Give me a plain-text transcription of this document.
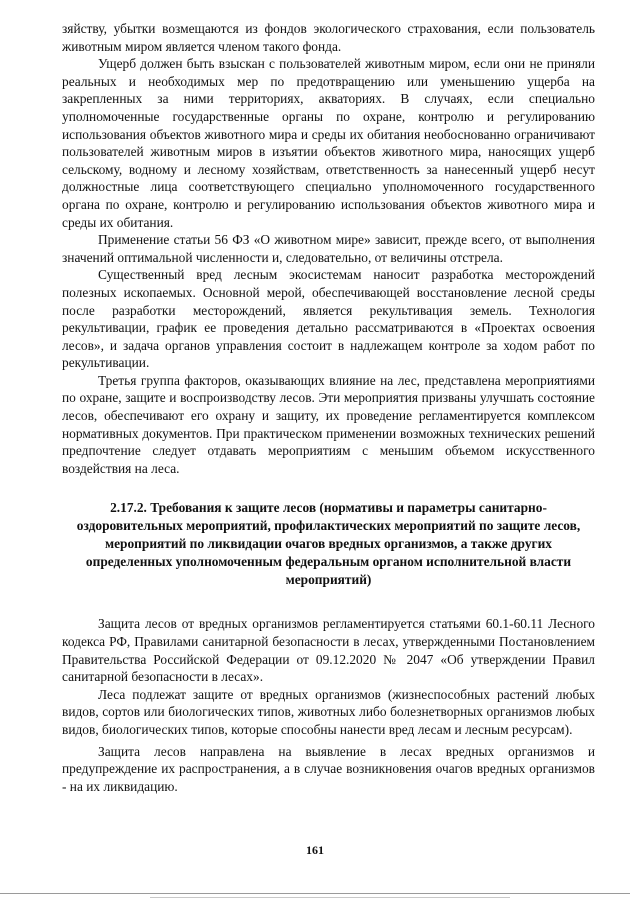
зяйству, убытки возмещаются из фондов экологического страхования, если пользователь животным миром является членом такого фонда.

Ущерб должен быть взыскан с пользователей животным миром, если они не приняли реальных и необходимых мер по предотвращению или уменьшению ущерба на закрепленных за ними территориях, акваториях. В случаях, если специально уполномоченные государственные органы по охране, контролю и регулированию использования объектов животного мира и среды их обитания необоснованно ограничивают пользователей животным миров в изъятии объектов животного мира, наносящих ущерб сельскому, водному и лесному хозяйствам, ответственность за нанесенный ущерб несут должностные лица соответствующего специально уполномоченного государственного органа по охране, контролю и регулированию использования объектов животного мира и среды их обитания.

Применение статьи 56 ФЗ «О животном мире» зависит, прежде всего, от выполнения значений оптимальной численности и, следовательно, от величины отстрела.

Существенный вред лесным экосистемам наносит разработка месторождений полезных ископаемых. Основной мерой, обеспечивающей восстановление лесной среды после разработки месторождений, является рекультивация земель. Технология рекультивации, график ее проведения детально рассматриваются в «Проектах освоения лесов», и задача органов управления состоит в надлежащем контроле за ходом работ по рекультивации.

Третья группа факторов, оказывающих влияние на лес, представлена мероприятиями по охране, защите и воспроизводству лесов. Эти мероприятия призваны улучшать состояние лесов, обеспечивают его охрану и защиту, их проведение регламентируется комплексом нормативных документов. При практическом применении возможных технических решений предпочтение следует отдавать мероприятиям с меньшим объемом искусственного воздействия на леса.

2.17.2. Требования к защите лесов (нормативы и параметры санитарно-оздоровительных мероприятий, профилактических мероприятий по защите лесов, мероприятий по ликвидации очагов вредных организмов, а также других определенных уполномоченным федеральным органом исполнительной власти мероприятий)

Защита лесов от вредных организмов регламентируется статьями 60.1-60.11 Лесного кодекса РФ, Правилами санитарной безопасности в лесах, утвержденными Постановлением Правительства Российской Федерации от 09.12.2020 № 2047 «Об утверждении Правил санитарной безопасности в лесах».

Леса подлежат защите от вредных организмов (жизнеспособных растений любых видов, сортов или биологических типов, животных либо болезнетворных организмов любых видов, биологических типов, которые способны нанести вред лесам и лесным ресурсам).

Защита лесов направлена на выявление в лесах вредных организмов и предупреждение их распространения, а в случае возникновения очагов вредных организмов - на их ликвидацию.

161
